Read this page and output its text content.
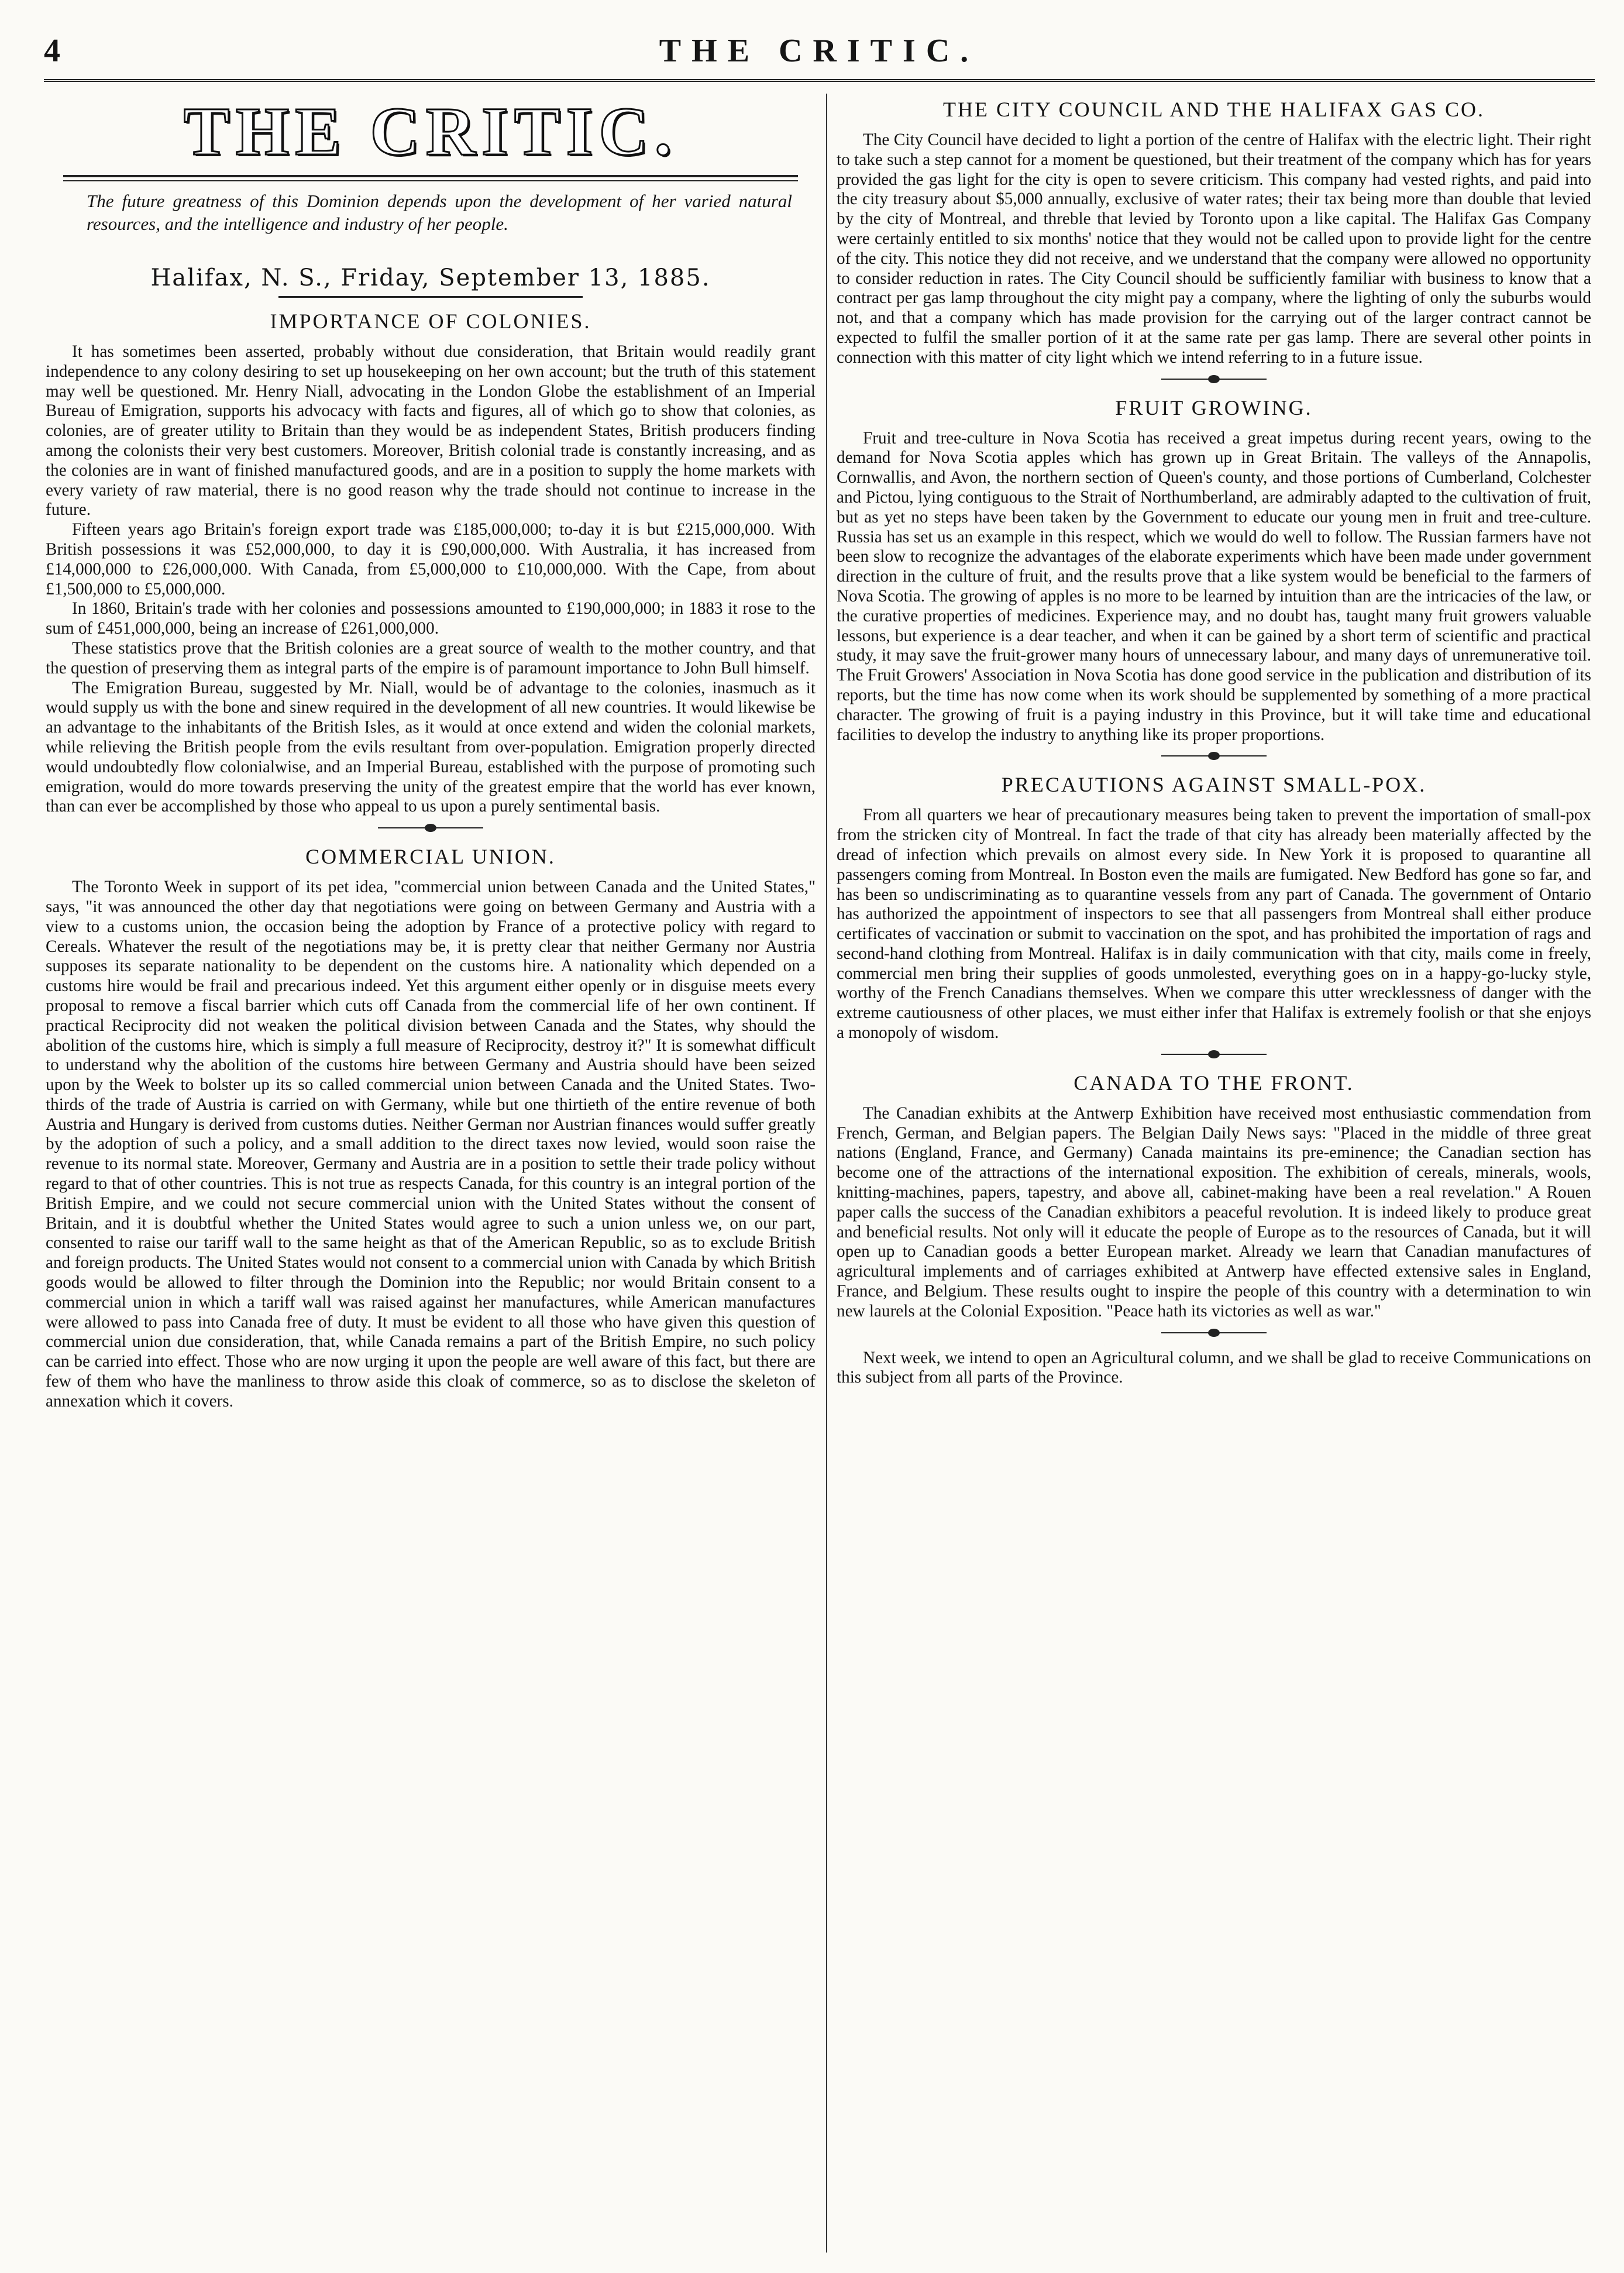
4	THE CRITIC.
THE CRITIC.
The future greatness of this Dominion depends upon the development of her varied natural resources, and the intelligence and industry of her people.
Halifax, N. S., Friday, September 13, 1885.
IMPORTANCE OF COLONIES.

It has sometimes been asserted, probably without due consideration, that Britain would readily grant independence to any colony desiring to set up housekeeping on her own account; but the truth of this statement may well be questioned. Mr. Henry Niall, advocating in the London Globe the establishment of an Imperial Bureau of Emigration, supports his advocacy with facts and figures, all of which go to show that colonies, as colonies, are of greater utility to Britain than they would be as independent States, British producers finding among the colonists their very best customers. Moreover, British colonial trade is constantly increasing, and as the colonies are in want of finished manufactured goods, and are in a position to supply the home markets with every variety of raw material, there is no good reason why the trade should not continue to increase in the future.

Fifteen years ago Britain's foreign export trade was £185,000,000; to-day it is but £215,000,000. With British possessions it was £52,000,000, to day it is £90,000,000. With Australia, it has increased from £14,000,000 to £26,000,000. With Canada, from £5,000,000 to £10,000,000. With the Cape, from about £1,500,000 to £5,000,000.

In 1860, Britain's trade with her colonies and possessions amounted to £190,000,000; in 1883 it rose to the sum of £451,000,000, being an increase of £261,000,000.

These statistics prove that the British colonies are a great source of wealth to the mother country, and that the question of preserving them as integral parts of the empire is of paramount importance to John Bull himself.

The Emigration Bureau, suggested by Mr. Niall, would be of advantage to the colonies, inasmuch as it would supply us with the bone and sinew required in the development of all new countries. It would likewise be an advantage to the inhabitants of the British Isles, as it would at once extend and widen the colonial markets, while relieving the British people from the evils resultant from over-population. Emigration properly directed would undoubtedly flow colonialwise, and an Imperial Bureau, established with the purpose of promoting such emigration, would do more towards preserving the unity of the greatest empire that the world has ever known, than can ever be accomplished by those who appeal to us upon a purely sentimental basis.

COMMERCIAL UNION.

The Toronto Week in support of its pet idea, "commercial union between Canada and the United States," says, "it was announced the other day that negotiations were going on between Germany and Austria with a view to a customs union, the occasion being the adoption by France of a protective policy with regard to Cereals. Whatever the result of the negotiations may be, it is pretty clear that neither Germany nor Austria supposes its separate nationality to be dependent on the customs hire. A nationality which depended on a customs hire would be frail and precarious indeed. Yet this argument either openly or in disguise meets every proposal to remove a fiscal barrier which cuts off Canada from the commercial life of her own continent. If practical Reciprocity did not weaken the political division between Canada and the States, why should the abolition of the customs hire, which is simply a full measure of Reciprocity, destroy it?" It is somewhat difficult to understand why the abolition of the customs hire between Germany and Austria should have been seized upon by the Week to bolster up its so called commercial union between Canada and the United States. Two-thirds of the trade of Austria is carried on with Germany, while but one thirtieth of the entire revenue of both Austria and Hungary is derived from customs duties. Neither German nor Austrian finances would suffer greatly by the adoption of such a policy, and a small addition to the direct taxes now levied, would soon raise the revenue to its normal state. Moreover, Germany and Austria are in a position to settle their trade policy without regard to that of other countries. This is not true as respects Canada, for this country is an integral portion of the British Empire, and we could not secure commercial union with the United States without the consent of Britain, and it is doubtful whether the United States would agree to such a union unless we, on our part, consented to raise our tariff wall to the same height as that of the American Republic, so as to exclude British and foreign products. The United States would not consent to a commercial union with Canada by which British goods would be allowed to filter through the Dominion into the Republic; nor would Britain consent to a commercial union in which a tariff wall was raised against her manufactures, while American manufactures were allowed to pass into Canada free of duty. It must be evident to all those who have given this question of commercial union due consideration, that, while Canada remains a part of the British Empire, no such policy can be carried into effect. Those who are now urging it upon the people are well aware of this fact, but there are few of them who have the manliness to throw aside this cloak of commerce, so as to disclose the skeleton of annexation which it covers.

THE CITY COUNCIL AND THE HALIFAX GAS CO.

The City Council have decided to light a portion of the centre of Halifax with the electric light. Their right to take such a step cannot for a moment be questioned, but their treatment of the company which has for years provided the gas light for the city is open to severe criticism. This company had vested rights, and paid into the city treasury about $5,000 annually, exclusive of water rates; their tax being more than double that levied by the city of Montreal, and threble that levied by Toronto upon a like capital. The Halifax Gas Company were certainly entitled to six months' notice that they would not be called upon to provide light for the centre of the city. This notice they did not receive, and we understand that the company were allowed no opportunity to consider reduction in rates. The City Council should be sufficiently familiar with business to know that a contract per gas lamp throughout the city might pay a company, where the lighting of only the suburbs would not, and that a company which has made provision for the carrying out of the larger contract cannot be expected to fulfil the smaller portion of it at the same rate per gas lamp. There are several other points in connection with this matter of city light which we intend referring to in a future issue.

FRUIT GROWING.

Fruit and tree-culture in Nova Scotia has received a great impetus during recent years, owing to the demand for Nova Scotia apples which has grown up in Great Britain. The valleys of the Annapolis, Cornwallis, and Avon, the northern section of Queen's county, and those portions of Cumberland, Colchester and Pictou, lying contiguous to the Strait of Northumberland, are admirably adapted to the cultivation of fruit, but as yet no steps have been taken by the Government to educate our young men in fruit and tree-culture. Russia has set us an example in this respect, which we would do well to follow. The Russian farmers have not been slow to recognize the advantages of the elaborate experiments which have been made under government direction in the culture of fruit, and the results prove that a like system would be beneficial to the farmers of Nova Scotia. The growing of apples is no more to be learned by intuition than are the intricacies of the law, or the curative properties of medicines. Experience may, and no doubt has, taught many fruit growers valuable lessons, but experience is a dear teacher, and when it can be gained by a short term of scientific and practical study, it may save the fruit-grower many hours of unnecessary labour, and many days of unremunerative toil. The Fruit Growers' Association in Nova Scotia has done good service in the publication and distribution of its reports, but the time has now come when its work should be supplemented by something of a more practical character. The growing of fruit is a paying industry in this Province, but it will take time and educational facilities to develop the industry to anything like its proper proportions.

PRECAUTIONS AGAINST SMALL-POX.

From all quarters we hear of precautionary measures being taken to prevent the importation of small-pox from the stricken city of Montreal. In fact the trade of that city has already been materially affected by the dread of infection which prevails on almost every side. In New York it is proposed to quarantine all passengers coming from Montreal. In Boston even the mails are fumigated. New Bedford has gone so far, and has been so undiscriminating as to quarantine vessels from any part of Canada. The government of Ontario has authorized the appointment of inspectors to see that all passengers from Montreal shall either produce certificates of vaccination or submit to vaccination on the spot, and has prohibited the importation of rags and second-hand clothing from Montreal. Halifax is in daily communication with that city, mails come in freely, commercial men bring their supplies of goods unmolested, everything goes on in a happy-go-lucky style, worthy of the French Canadians themselves. When we compare this utter wrecklessness of danger with the extreme cautiousness of other places, we must either infer that Halifax is extremely foolish or that she enjoys a monopoly of wisdom.

CANADA TO THE FRONT.

The Canadian exhibits at the Antwerp Exhibition have received most enthusiastic commendation from French, German, and Belgian papers. The Belgian Daily News says: "Placed in the middle of three great nations (England, France, and Germany) Canada maintains its pre-eminence; the Canadian section has become one of the attractions of the international exposition. The exhibition of cereals, minerals, wools, knitting-machines, papers, tapestry, and above all, cabinet-making have been a real revelation." A Rouen paper calls the success of the Canadian exhibitors a peaceful revolution. It is indeed likely to produce great and beneficial results. Not only will it educate the people of Europe as to the resources of Canada, but it will open up to Canadian goods a better European market. Already we learn that Canadian manufactures of agricultural implements and of carriages exhibited at Antwerp have effected extensive sales in England, France, and Belgium. These results ought to inspire the people of this country with a determination to win new laurels at the Colonial Exposition. "Peace hath its victories as well as war."

Next week, we intend to open an Agricultural column, and we shall be glad to receive Communications on this subject from all parts of the Province.
